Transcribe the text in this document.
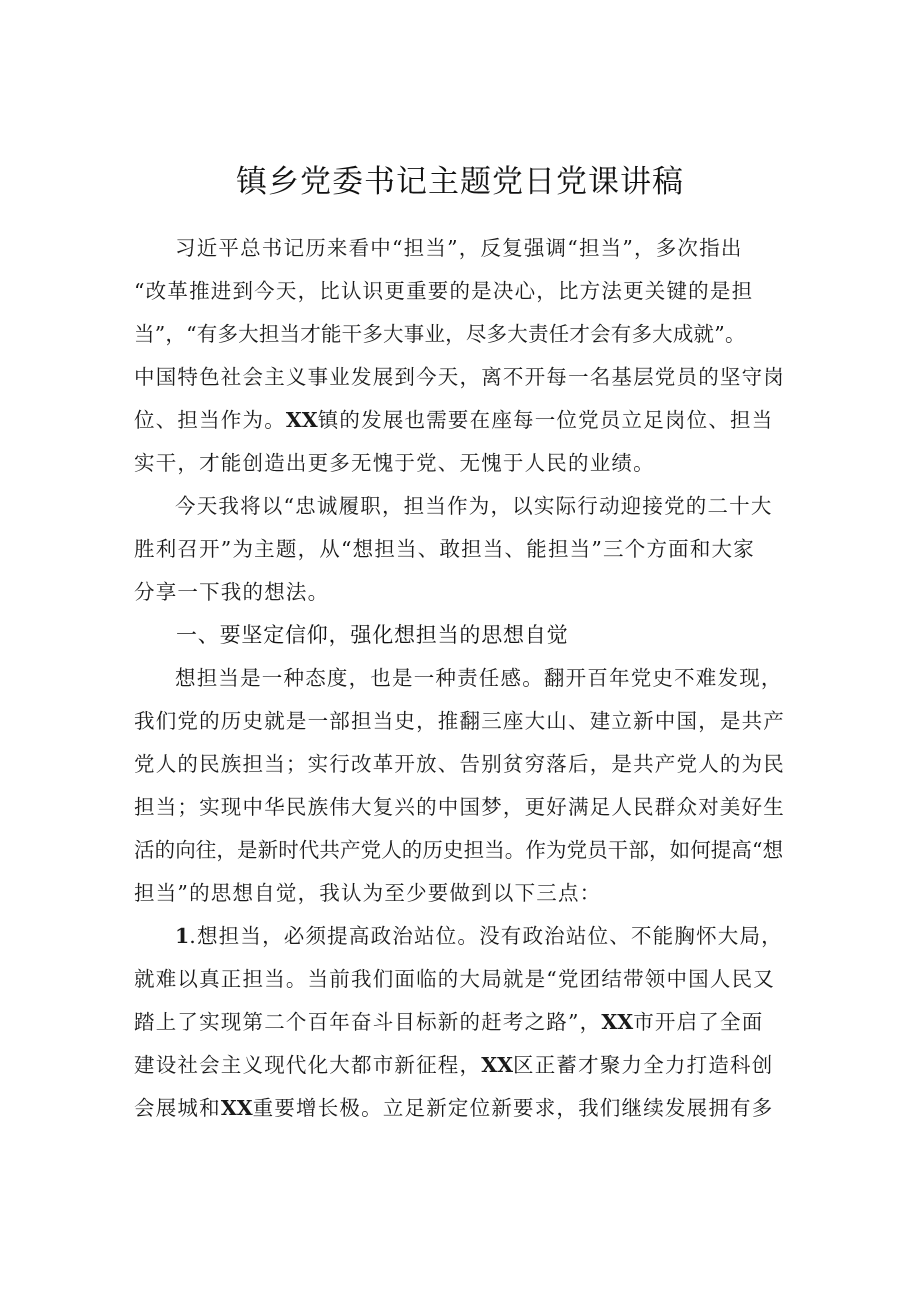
镇乡党委书记主题党日党课讲稿
习近平总书记历来看中“担当”，反复强调“担当”，多次指出
“改革推进到今天，比认识更重要的是决心，比方法更关键的是担
当”，“有多大担当才能干多大事业，尽多大责任才会有多大成就”。
中国特色社会主义事业发展到今天，离不开每一名基层党员的坚守岗
位、担当作为。XX镇的发展也需要在座每一位党员立足岗位、担当
实干，才能创造出更多无愧于党、无愧于人民的业绩。
今天我将以“忠诚履职，担当作为，以实际行动迎接党的二十大
胜利召开”为主题，从“想担当、敢担当、能担当”三个方面和大家
分享一下我的想法。
一、要坚定信仰，强化想担当的思想自觉
想担当是一种态度，也是一种责任感。翻开百年党史不难发现，
我们党的历史就是一部担当史，推翻三座大山、建立新中国，是共产
党人的民族担当；实行改革开放、告别贫穷落后，是共产党人的为民
担当；实现中华民族伟大复兴的中国梦，更好满足人民群众对美好生
活的向往，是新时代共产党人的历史担当。作为党员干部，如何提高“想
担当”的思想自觉，我认为至少要做到以下三点：
1.想担当，必须提高政治站位。没有政治站位、不能胸怀大局，
就难以真正担当。当前我们面临的大局就是“党团结带领中国人民又
踏上了实现第二个百年奋斗目标新的赶考之路”，XX市开启了全面
建设社会主义现代化大都市新征程，XX区正蓄才聚力全力打造科创
会展城和XX重要增长极。立足新定位新要求，我们继续发展拥有多
